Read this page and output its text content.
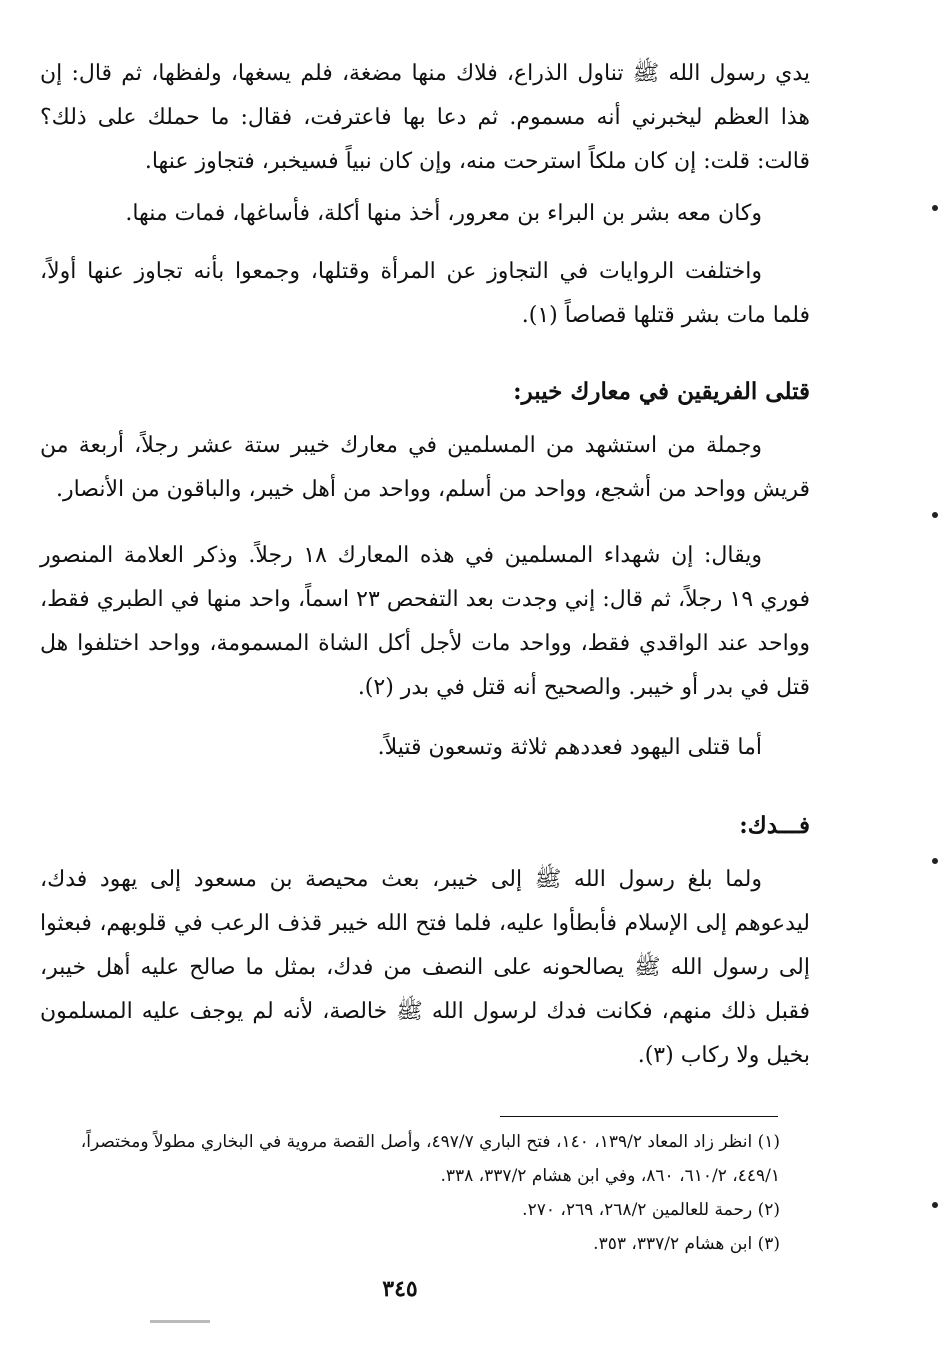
يدي رسول الله ﷺ تناول الذراع، فلاك منها مضغة، فلم يسغها، ولفظها، ثم قال: إن هذا العظم ليخبرني أنه مسموم. ثم دعا بها فاعترفت، فقال: ما حملك على ذلك؟ قالت: قلت: إن كان ملكاً استرحت منه، وإن كان نبياً فسيخبر، فتجاوز عنها.

وكان معه بشر بن البراء بن معرور، أخذ منها أكلة، فأساغها، فمات منها.

واختلفت الروايات في التجاوز عن المرأة وقتلها، وجمعوا بأنه تجاوز عنها أولاً، فلما مات بشر قتلها قصاصاً (١).

قتلى الفريقين في معارك خيبر:

وجملة من استشهد من المسلمين في معارك خيبر ستة عشر رجلاً، أربعة من قريش وواحد من أشجع، وواحد من أسلم، وواحد من أهل خيبر، والباقون من الأنصار.

ويقال: إن شهداء المسلمين في هذه المعارك ١٨ رجلاً. وذكر العلامة المنصور فوري ١٩ رجلاً، ثم قال: إني وجدت بعد التفحص ٢٣ اسماً، واحد منها في الطبري فقط، وواحد عند الواقدي فقط، وواحد مات لأجل أكل الشاة المسمومة، وواحد اختلفوا هل قتل في بدر أو خيبر. والصحيح أنه قتل في بدر (٢).

أما قتلى اليهود فعددهم ثلاثة وتسعون قتيلاً.

فـــدك:

ولما بلغ رسول الله ﷺ إلى خيبر، بعث محيصة بن مسعود إلى يهود فدك، ليدعوهم إلى الإسلام فأبطأوا عليه، فلما فتح الله خيبر قذف الرعب في قلوبهم، فبعثوا إلى رسول الله ﷺ يصالحونه على النصف من فدك، بمثل ما صالح عليه أهل خيبر، فقبل ذلك منهم، فكانت فدك لرسول الله ﷺ خالصة، لأنه لم يوجف عليه المسلمون بخيل ولا ركاب (٣).

(١) انظر زاد المعاد ١٣٩/٢، ١٤٠، فتح الباري ٤٩٧/٧، وأصل القصة مروية في البخاري مطولاً ومختصراً، ٤٤٩/١، ٦١٠/٢، ٨٦٠، وفي ابن هشام ٣٣٧/٢، ٣٣٨.

(٢) رحمة للعالمين ٢٦٨/٢، ٢٦٩، ٢٧٠.

(٣) ابن هشام ٣٣٧/٢، ٣٥٣.

٣٤٥
